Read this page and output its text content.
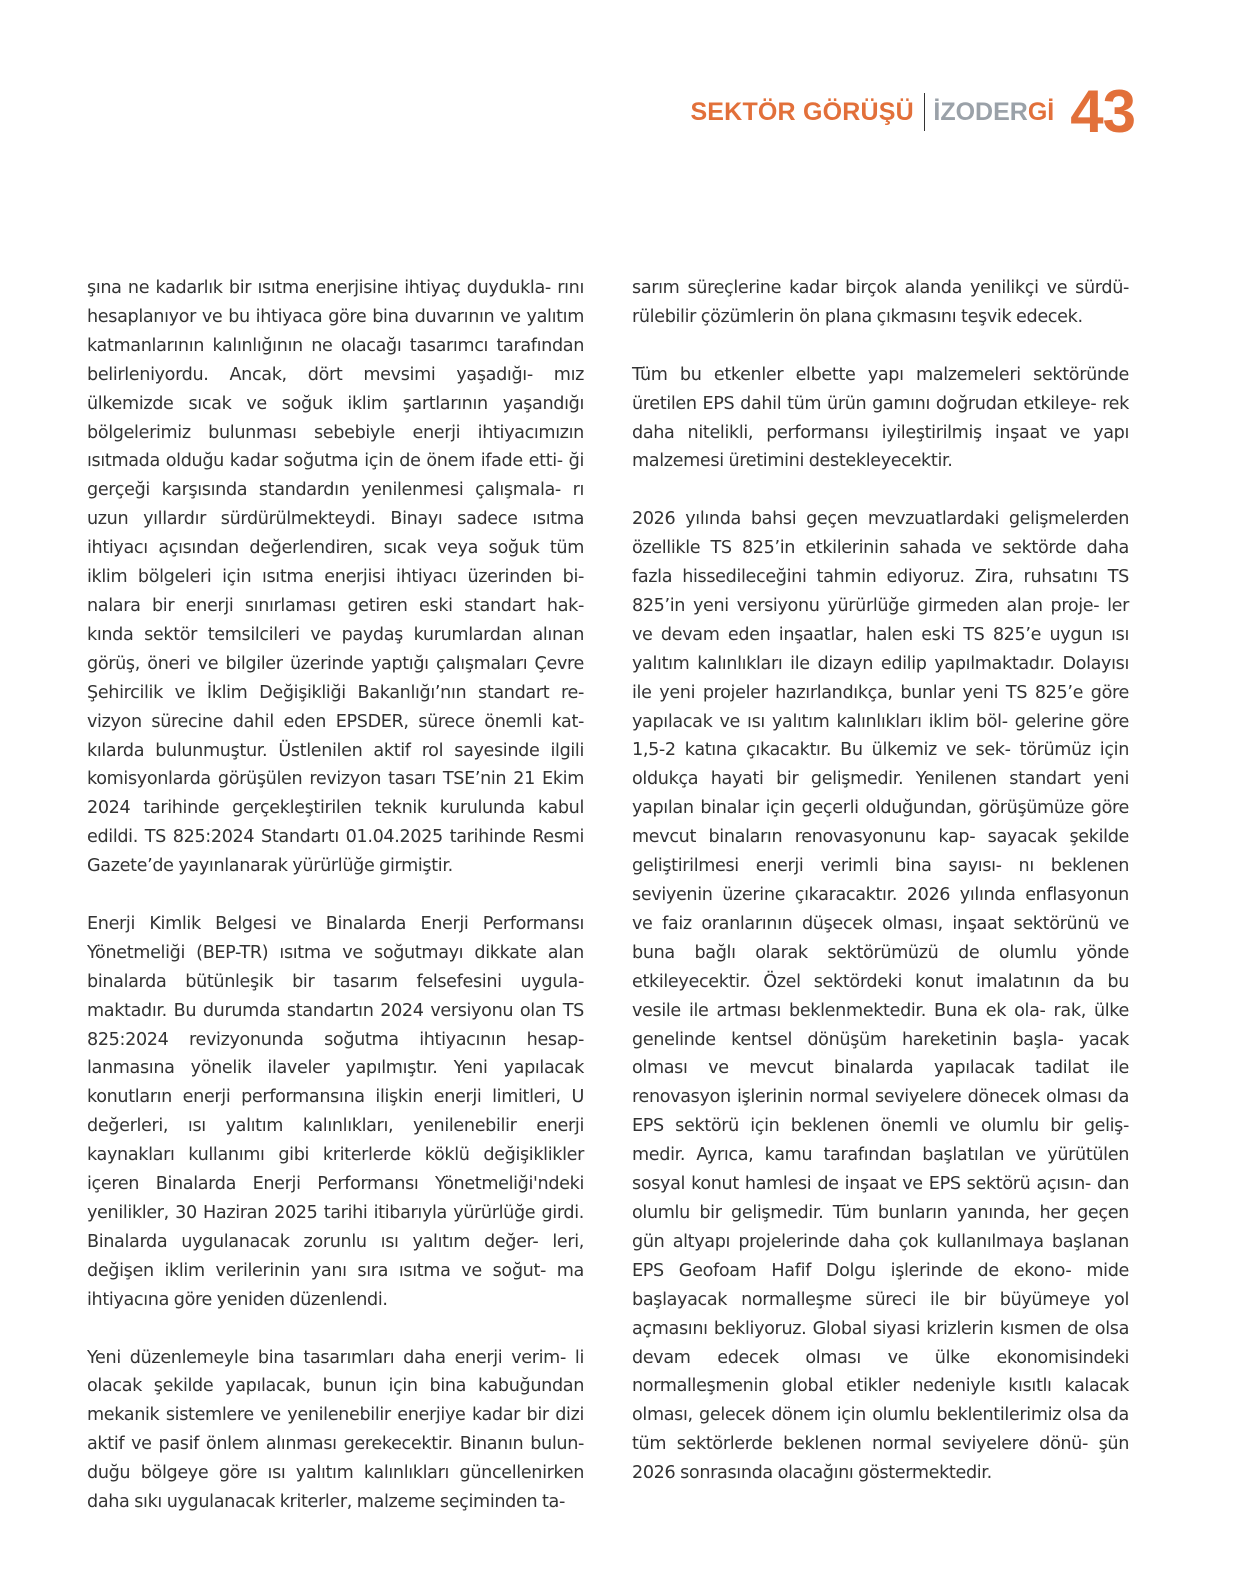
SEKTÖR GÖRÜŞÜ İZODERGİ 43

şına ne kadarlık bir ısıtma enerjisine ihtiyaç duydukla- rını hesaplanıyor ve bu ihtiyaca göre bina duvarının ve yalıtım katmanlarının kalınlığının ne olacağı tasarımcı tarafından belirleniyordu. Ancak, dört mevsimi yaşadığı- mız ülkemizde sıcak ve soğuk iklim şartlarının yaşandığı bölgelerimiz bulunması sebebiyle enerji ihtiyacımızın ısıtmada olduğu kadar soğutma için de önem ifade etti- ği gerçeği karşısında standardın yenilenmesi çalışmala- rı uzun yıllardır sürdürülmekteydi. Binayı sadece ısıtma ihtiyacı açısından değerlendiren, sıcak veya soğuk tüm iklim bölgeleri için ısıtma enerjisi ihtiyacı üzerinden bi- nalara bir enerji sınırlaması getiren eski standart hak- kında sektör temsilcileri ve paydaş kurumlardan alınan görüş, öneri ve bilgiler üzerinde yaptığı çalışmaları Çevre Şehircilik ve İklim Değişikliği Bakanlığı’nın standart re- vizyon sürecine dahil eden EPSDER, sürece önemli kat- kılarda bulunmuştur. Üstlenilen aktif rol sayesinde ilgili komisyonlarda görüşülen revizyon tasarı TSE’nin 21 Ekim 2024 tarihinde gerçekleştirilen teknik kurulunda kabul edildi. TS 825:2024 Standartı 01.04.2025 tarihinde Resmi Gazete’de yayınlanarak yürürlüğe girmiştir.

Enerji Kimlik Belgesi ve Binalarda Enerji Performansı Yönetmeliği (BEP-TR) ısıtma ve soğutmayı dikkate alan binalarda bütünleşik bir tasarım felsefesini uygula- maktadır. Bu durumda standartın 2024 versiyonu olan TS 825:2024 revizyonunda soğutma ihtiyacının hesap- lanmasına yönelik ilaveler yapılmıştır. Yeni yapılacak konutların enerji performansına ilişkin enerji limitleri, U değerleri, ısı yalıtım kalınlıkları, yenilenebilir enerji kaynakları kullanımı gibi kriterlerde köklü değişiklikler içeren Binalarda Enerji Performansı Yönetmeliği'ndeki yenilikler, 30 Haziran 2025 tarihi itibarıyla yürürlüğe girdi. Binalarda uygulanacak zorunlu ısı yalıtım değer- leri, değişen iklim verilerinin yanı sıra ısıtma ve soğut- ma ihtiyacına göre yeniden düzenlendi.

Yeni düzenlemeyle bina tasarımları daha enerji verim- li olacak şekilde yapılacak, bunun için bina kabuğundan mekanik sistemlere ve yenilenebilir enerjiye kadar bir dizi aktif ve pasif önlem alınması gerekecektir. Binanın bulun- duğu bölgeye göre ısı yalıtım kalınlıkları güncellenirken daha sıkı uygulanacak kriterler, malzeme seçiminden ta-

sarım süreçlerine kadar birçok alanda yenilikçi ve sürdü- rülebilir çözümlerin ön plana çıkmasını teşvik edecek.

Tüm bu etkenler elbette yapı malzemeleri sektöründe üretilen EPS dahil tüm ürün gamını doğrudan etkileye- rek daha nitelikli, performansı iyileştirilmiş inşaat ve yapı malzemesi üretimini destekleyecektir.

2026 yılında bahsi geçen mevzuatlardaki gelişmelerden özellikle TS 825’in etkilerinin sahada ve sektörde daha fazla hissedileceğini tahmin ediyoruz. Zira, ruhsatını TS 825’in yeni versiyonu yürürlüğe girmeden alan proje- ler ve devam eden inşaatlar, halen eski TS 825’e uygun ısı yalıtım kalınlıkları ile dizayn edilip yapılmaktadır. Dolayısı ile yeni projeler hazırlandıkça, bunlar yeni TS 825’e göre yapılacak ve ısı yalıtım kalınlıkları iklim böl- gelerine göre 1,5-2 katına çıkacaktır. Bu ülkemiz ve sek- törümüz için oldukça hayati bir gelişmedir. Yenilenen standart yeni yapılan binalar için geçerli olduğundan, görüşümüze göre mevcut binaların renovasyonunu kap- sayacak şekilde geliştirilmesi enerji verimli bina sayısı- nı beklenen seviyenin üzerine çıkaracaktır. 2026 yılında enflasyonun ve faiz oranlarının düşecek olması, inşaat sektörünü ve buna bağlı olarak sektörümüzü de olumlu yönde etkileyecektir. Özel sektördeki konut imalatının da bu vesile ile artması beklenmektedir. Buna ek ola- rak, ülke genelinde kentsel dönüşüm hareketinin başla- yacak olması ve mevcut binalarda yapılacak tadilat ile renovasyon işlerinin normal seviyelere dönecek olması da EPS sektörü için beklenen önemli ve olumlu bir geliş- medir. Ayrıca, kamu tarafından başlatılan ve yürütülen sosyal konut hamlesi de inşaat ve EPS sektörü açısın- dan olumlu bir gelişmedir. Tüm bunların yanında, her geçen gün altyapı projelerinde daha çok kullanılmaya başlanan EPS Geofoam Hafif Dolgu işlerinde de ekono- mide başlayacak normalleşme süreci ile bir büyümeye yol açmasını bekliyoruz. Global siyasi krizlerin kısmen de olsa devam edecek olması ve ülke ekonomisindeki normalleşmenin global etikler nedeniyle kısıtlı kalacak olması, gelecek dönem için olumlu beklentilerimiz olsa da tüm sektörlerde beklenen normal seviyelere dönü- şün 2026 sonrasında olacağını göstermektedir.
